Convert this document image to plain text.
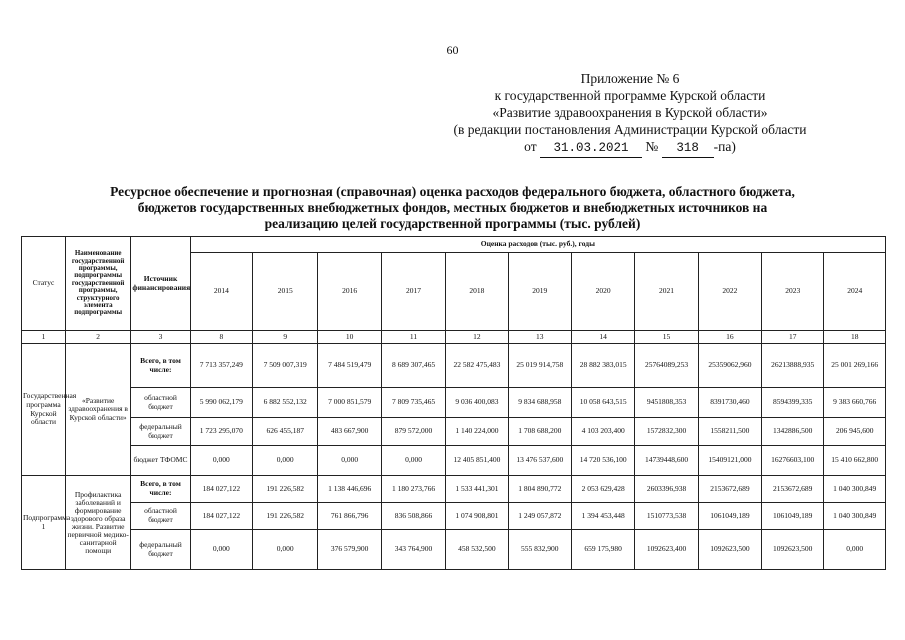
60
Приложение № 6
к государственной программе Курской области
«Развитие здравоохранения в Курской области»
(в редакции постановления Администрации Курской области
от 31.03.2021 № 318 -па)
Ресурсное обеспечение и прогнозная (справочная) оценка расходов федерального бюджета, областного бюджета,
бюджетов государственных внебюджетных фондов, местных бюджетов и внебюджетных источников на
реализацию целей государственной программы (тыс. рублей)
Статус	Наименование государственной программы, подпрограммы государственной программы, структурного элемента подпрограммы	Источник финансирования	Оценка расходов (тыс. руб.), годы										
			2014	2015	2016	2017	2018	2019	2020	2021	2022	2023	2024
1	2	3	8	9	10	11	12	13	14	15	16	17	18
Государственная программа Курской области	«Развитие здравоохранения в Курской области»	Всего, в том числе:	7 713 357,249	7 509 007,319	7 484 519,479	8 689 307,465	22 582 475,483	25 019 914,758	28 882 383,015	25764089,253	25359062,960	26213888,935	25 001 269,166
		областной бюджет	5 990 062,179	6 882 552,132	7 000 851,579	7 809 735,465	9 036 400,083	9 834 688,958	10 058 643,515	9451808,353	8391730,460	8594399,335	9 383 660,766
		федеральный бюджет	1 723 295,070	626 455,187	483 667,900	879 572,000	1 140 224,000	1 708 688,200	4 103 203,400	1572832,300	1558211,500	1342886,500	206 945,600
		бюджет ТФОМС	0,000	0,000	0,000	0,000	12 405 851,400	13 476 537,600	14 720 536,100	14739448,600	15409121,000	16276603,100	15 410 662,800
Подпрограмма 1	Профилактика заболеваний и формирование здорового образа жизни. Развитие первичной медико-санитарной помощи	Всего, в том числе:	184 027,122	191 226,582	1 138 446,696	1 180 273,766	1 533 441,301	1 804 890,772	2 053 629,428	2603396,938	2153672,689	2153672,689	1 040 300,849
		областной бюджет	184 027,122	191 226,582	761 866,796	836 508,866	1 074 908,801	1 249 057,872	1 394 453,448	1510773,538	1061049,189	1061049,189	1 040 300,849
		федеральный бюджет	0,000	0,000	376 579,900	343 764,900	458 532,500	555 832,900	659 175,980	1092623,400	1092623,500	1092623,500	0,000
